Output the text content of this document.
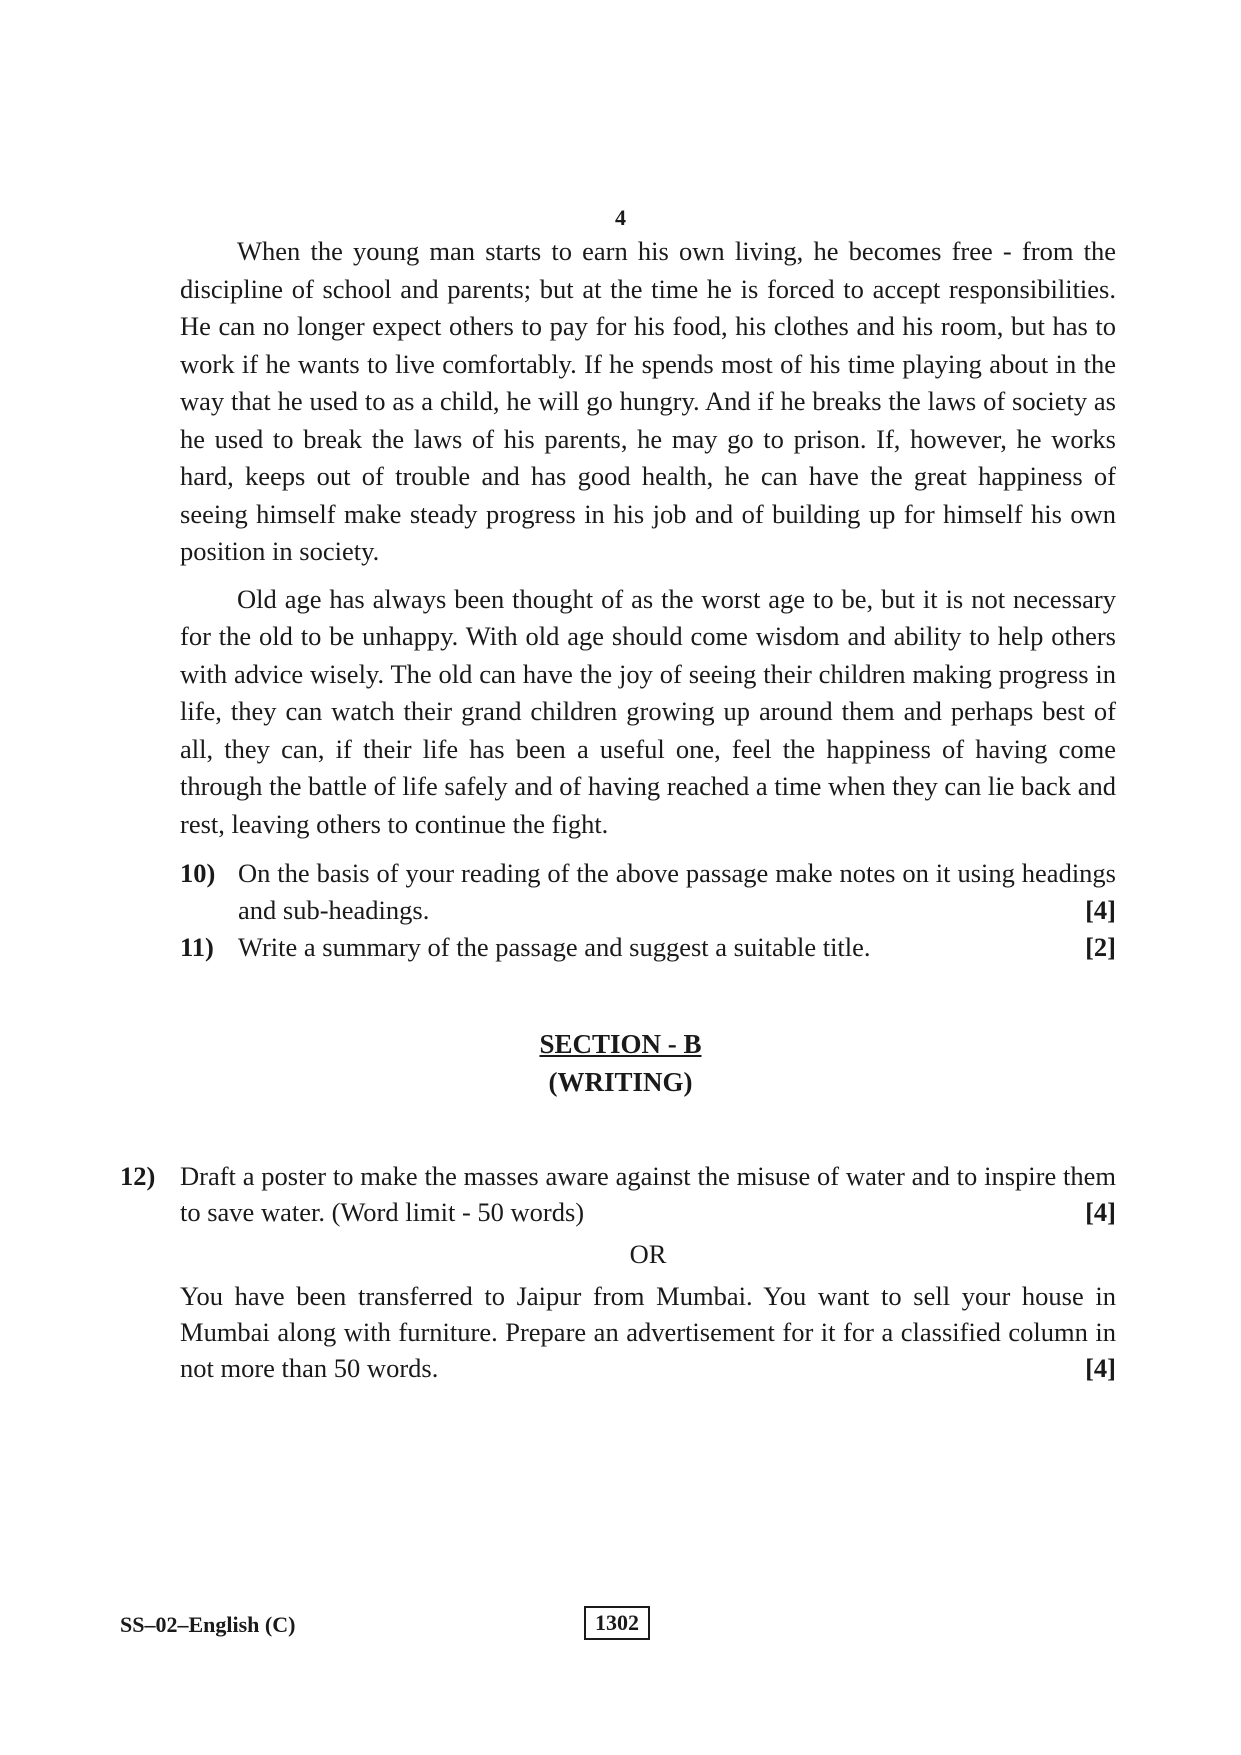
4

When the young man starts to earn his own living, he becomes free - from the discipline of school and parents; but at the time he is forced to accept responsibilities. He can no longer expect others to pay for his food, his clothes and his room, but has to work if he wants to live comfortably. If he spends most of his time playing about in the way that he used to as a child, he will go hungry. And if he breaks the laws of society as he used to break the laws of his parents, he may go to prison. If, however, he works hard, keeps out of trouble and has good health, he can have the great happiness of seeing himself make steady progress in his job and of building up for himself his own position in society.

Old age has always been thought of as the worst age to be, but it is not necessary for the old to be unhappy. With old age should come wisdom and ability to help others with advice wisely. The old can have the joy of seeing their children making progress in life, they can watch their grand children growing up around them and perhaps best of all, they can, if their life has been a useful one, feel the happiness of having come through the battle of life safely and of having reached a time when they can lie back and rest, leaving others to continue the fight.

10) On the basis of your reading of the above passage make notes on it using headings and sub-headings.	[4]
11) Write a summary of the passage and suggest a suitable title.	[2]
SECTION - B
(WRITING)
12) Draft a poster to make the masses aware against the misuse of water and to inspire them to save water. (Word limit - 50 words)	[4]
OR
You have been transferred to Jaipur from Mumbai. You want to sell your house in Mumbai along with furniture. Prepare an advertisement for it for a classified column in not more than 50 words.	[4]
SS–02–English (C)	1302
